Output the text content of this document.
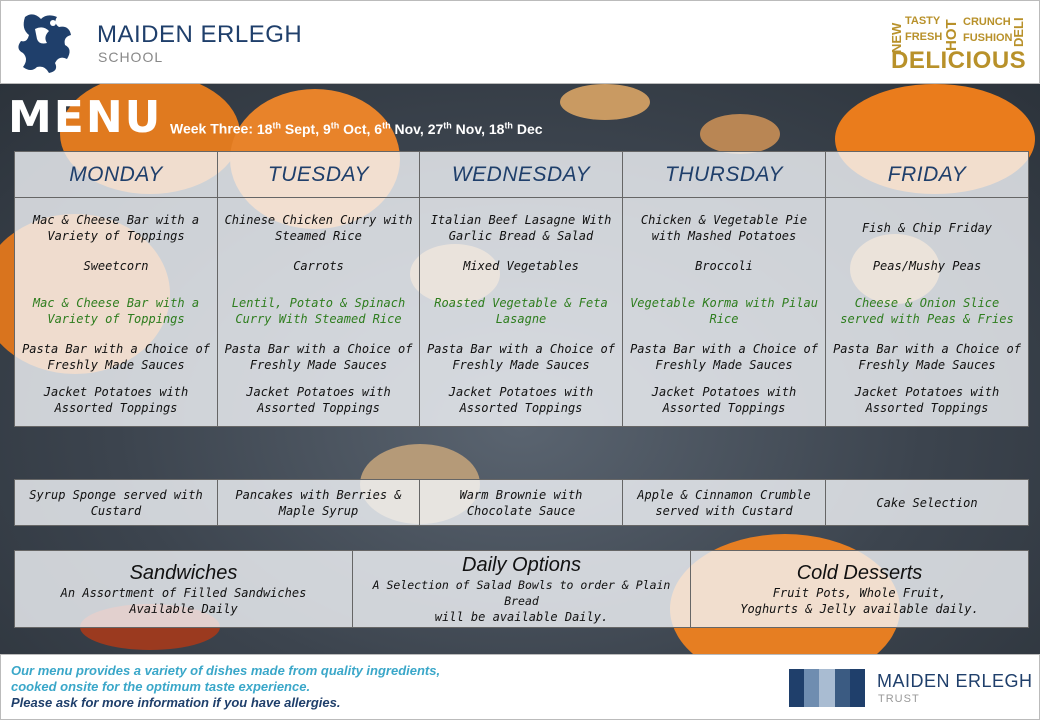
MAIDEN ERLEGH
SCHOOL
NEW
TASTY
FRESH HOT CRUNCH
FUSHION
DELI
DELICIOUS
MENU Week Three: 18th Sept, 9th Oct, 6th Nov, 27th Nov, 18th Dec
MONDAY	TUESDAY	WEDNESDAY	THURSDAY	FRIDAY
Mac & Cheese Bar with a Variety of Toppings	Chinese Chicken Curry with Steamed Rice	Italian Beef Lasagne With Garlic Bread & Salad	Chicken & Vegetable Pie with Mashed Potatoes	Fish & Chip Friday
Sweetcorn	Carrots	Mixed Vegetables	Broccoli	Peas/Mushy Peas
Mac & Cheese Bar with a Variety of Toppings	Lentil, Potato & Spinach Curry With Steamed Rice	Roasted Vegetable & Feta Lasagne	Vegetable Korma with Pilau Rice	Cheese & Onion Slice served with Peas & Fries
Pasta Bar with a Choice of Freshly Made Sauces	Pasta Bar with a Choice of Freshly Made Sauces	Pasta Bar with a Choice of Freshly Made Sauces	Pasta Bar with a Choice of Freshly Made Sauces	Pasta Bar with a Choice of Freshly Made Sauces
Jacket Potatoes with Assorted Toppings	Jacket Potatoes with Assorted Toppings	Jacket Potatoes with Assorted Toppings	Jacket Potatoes with Assorted Toppings	Jacket Potatoes with Assorted Toppings
Syrup Sponge served with Custard	Pancakes with Berries & Maple Syrup	Warm Brownie with Chocolate Sauce	Apple & Cinnamon Crumble served with Custard	Cake Selection
Sandwiches
An Assortment of Filled Sandwiches
Available Daily

Daily Options
A Selection of Salad Bowls to order & Plain Bread
will be available Daily.

Cold Desserts
Fruit Pots, Whole Fruit,
Yoghurts & Jelly available daily.
Our menu provides a variety of dishes made from quality ingredients,
cooked onsite for the optimum taste experience.
Please ask for more information if you have allergies.
MAIDEN ERLEGH
TRUST
